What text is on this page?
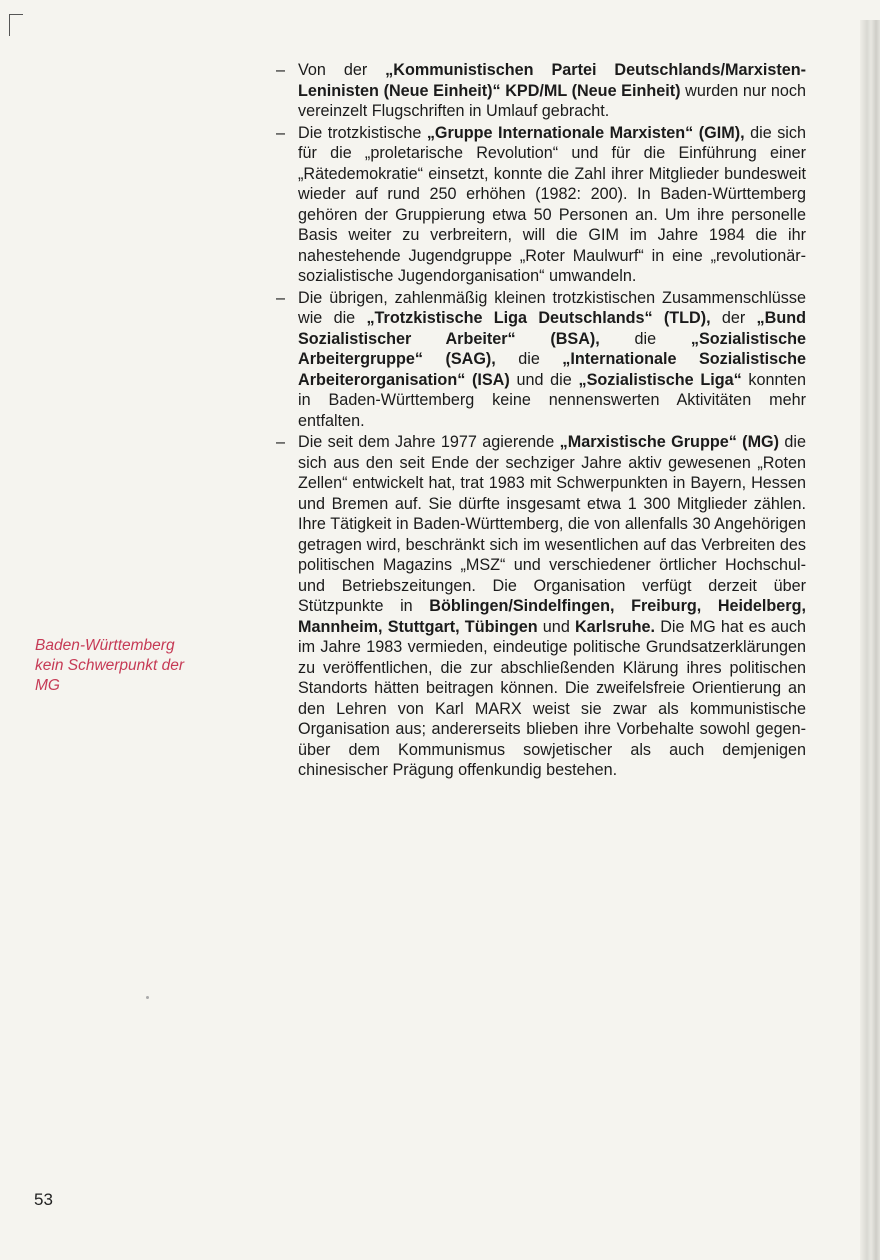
Baden-Württemberg
kein Schwerpunkt der
MG
– Von der „Kommunistischen Partei Deutschlands/Marxisten-Leninisten (Neue Einheit)“ KPD/ML (Neue Einheit) wurden nur noch vereinzelt Flugschriften in Umlauf gebracht.

– Die trotzkistische „Gruppe Internationale Marxisten“ (GIM), die sich für die „proletarische Revolution“ und für die Einführung einer „Rätedemokratie“ einsetzt, konnte die Zahl ihrer Mitglieder bundesweit wieder auf rund 250 erhöhen (1982: 200). In Baden-Württemberg gehören der Gruppierung etwa 50 Personen an. Um ihre personelle Basis weiter zu verbreitern, will die GIM im Jahre 1984 die ihr nahestehende Jugendgruppe „Roter Maulwurf“ in eine „revolutionär-sozialistische Jugendorganisation“ umwandeln.

– Die übrigen, zahlenmäßig kleinen trotzkistischen Zusammenschlüsse wie die „Trotzkistische Liga Deutschlands“ (TLD), der „Bund Sozialistischer Arbeiter“ (BSA), die „Sozialistische Arbeitergruppe“ (SAG), die „Internationale Sozialistische Arbeiterorganisation“ (ISA) und die „Sozialistische Liga“ konnten in Baden-Württemberg keine nennenswerten Aktivitäten mehr entfalten.

– Die seit dem Jahre 1977 agierende „Marxistische Gruppe“ (MG) die sich aus den seit Ende der sechziger Jahre aktiv gewesenen „Roten Zellen“ entwickelt hat, trat 1983 mit Schwerpunkten in Bayern, Hessen und Bremen auf. Sie dürfte insgesamt etwa 1 300 Mitglieder zählen. Ihre Tätigkeit in Baden-Württemberg, die von allenfalls 30 Angehörigen getragen wird, beschränkt sich im wesentlichen auf das Verbreiten des politischen Magazins „MSZ“ und verschiedener örtlicher Hochschul- und Betriebszeitungen. Die Organisation verfügt derzeit über Stützpunkte in Böblingen/Sindelfingen, Freiburg, Heidelberg, Mannheim, Stuttgart, Tübingen und Karlsruhe. Die MG hat es auch im Jahre 1983 vermieden, eindeutige politische Grundsatzerklärungen zu veröffentlichen, die zur abschließenden Klärung ihres politischen Standorts hätten beitragen können. Die zweifelsfreie Orientierung an den Lehren von Karl MARX weist sie zwar als kommunistische Organisation aus; andererseits blieben ihre Vorbehalte sowohl gegenüber dem Kommunismus sowjetischer als auch demjenigen chinesischer Prägung offenkundig bestehen.

53
